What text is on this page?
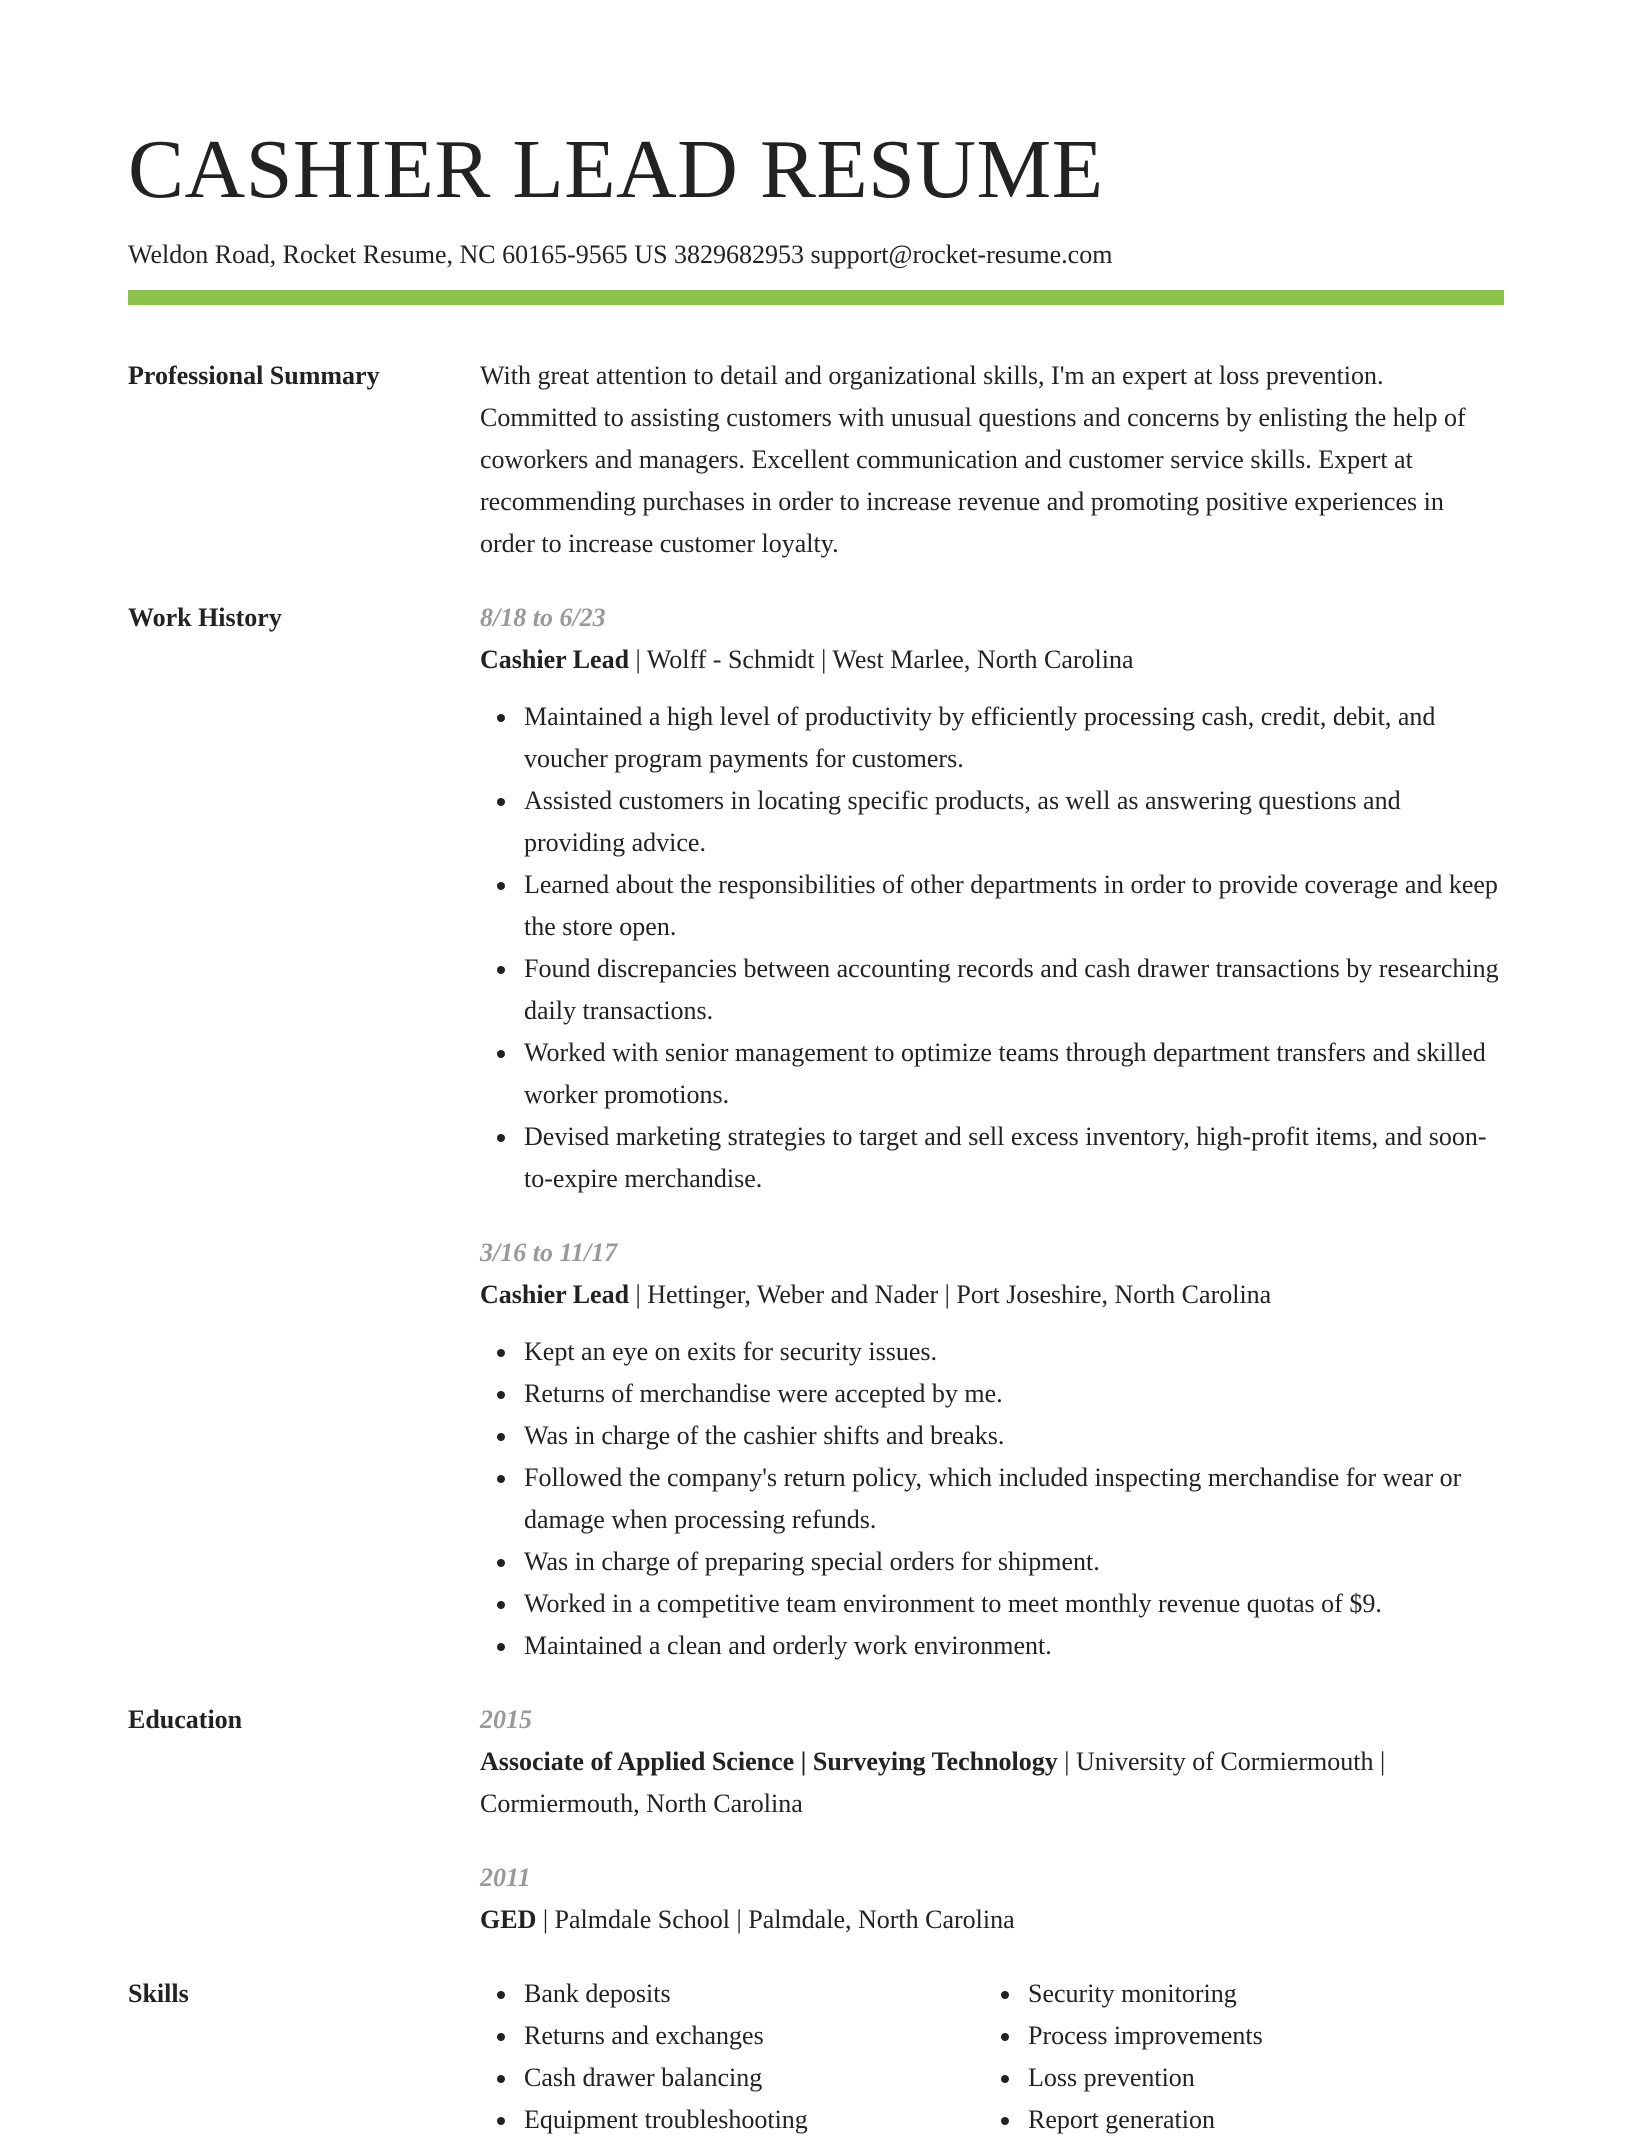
CASHIER LEAD RESUME
Weldon Road, Rocket Resume, NC 60165-9565 US 3829682953 support@rocket-resume.com
Professional Summary	With great attention to detail and organizational skills, I'm an expert at loss prevention. Committed to assisting customers with unusual questions and concerns by enlisting the help of coworkers and managers. Excellent communication and customer service skills. Expert at recommending purchases in order to increase revenue and promoting positive experiences in order to increase customer loyalty.

Work History	8/18 to 6/23
Cashier Lead | Wolff - Schmidt | West Marlee, North Carolina
Maintained a high level of productivity by efficiently processing cash, credit, debit, and voucher program payments for customers.
Assisted customers in locating specific products, as well as answering questions and providing advice.
Learned about the responsibilities of other departments in order to provide coverage and keep the store open.
Found discrepancies between accounting records and cash drawer transactions by researching daily transactions.
Worked with senior management to optimize teams through department transfers and skilled worker promotions.
Devised marketing strategies to target and sell excess inventory, high-profit items, and soon-to-expire merchandise.
3/16 to 11/17
Cashier Lead | Hettinger, Weber and Nader | Port Joseshire, North Carolina
Kept an eye on exits for security issues.
Returns of merchandise were accepted by me.
Was in charge of the cashier shifts and breaks.
Followed the company's return policy, which included inspecting merchandise for wear or damage when processing refunds.
Was in charge of preparing special orders for shipment.
Worked in a competitive team environment to meet monthly revenue quotas of $9.
Maintained a clean and orderly work environment.
Education	2015
Associate of Applied Science | Surveying Technology | University of Cormiermouth | Cormiermouth, North Carolina
2011
GED | Palmdale School | Palmdale, North Carolina
Skills	Bank deposits
Returns and exchanges
Cash drawer balancing
Equipment troubleshooting
Security monitoring
Process improvements
Loss prevention
Report generation
